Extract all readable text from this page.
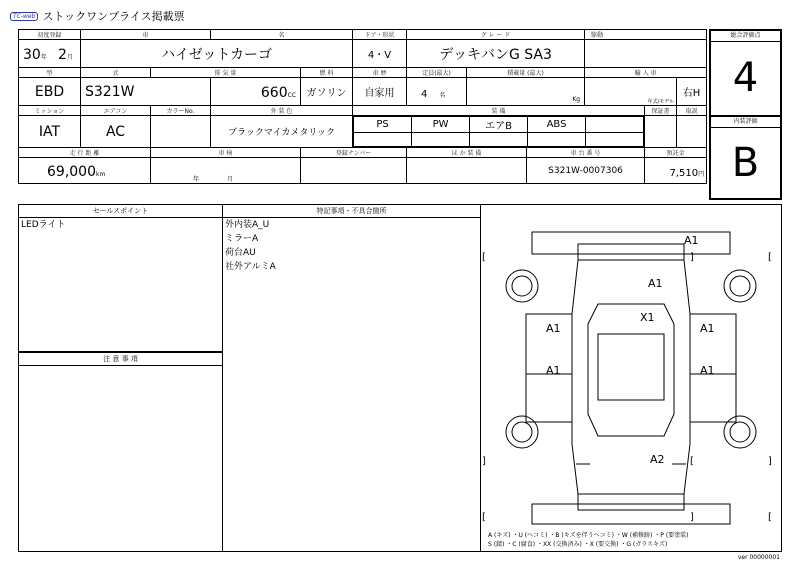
TC-web ストックワンプライス掲載票
初度登録	車	名	ドア・形状	グ レ ー ド	駆動
30年 2月	ハイゼットカーゴ	4・V	デッキバンG SA3	
型	式	排 気 量	燃 料	車 歴	定員(最大)	積載量 (最大)	輸 入 車
EBD	S321W	660CC	ガソリン	自家用	4 名	Kg	年式/モデル	右H
ミッション	エアコン	カラーNo.	外 装 色	装 備	保証書	取説
IAT	AC		ブラックマイカメタリック	
PS	PW	エアB	ABS	

走 行 距 離	車 検	登録ナンバー	ほ か 装 備	車 台 番 号	預託金
69,000km	年	月			S321W-0007306	7,510円
総合評価点
4
内装評価
B
セールスポイント
LEDライト
注 意 事 項
特記事項・不具合箇所
外内装A_U
ミラーA
荷台AU
社外アルミA
A1
A1
X1
A1	A1
A1	A1
A2
[	]	[
]	[	]
[	]	[
A (キズ) ・U (ヘコミ) ・B (キズを伴うヘコミ) ・W (補修跡) ・P (要塗装)
S (錆) ・C (腐食) ・XX (交換済み) ・X (要交換) ・G (ガラスキズ)
ver 00000001
